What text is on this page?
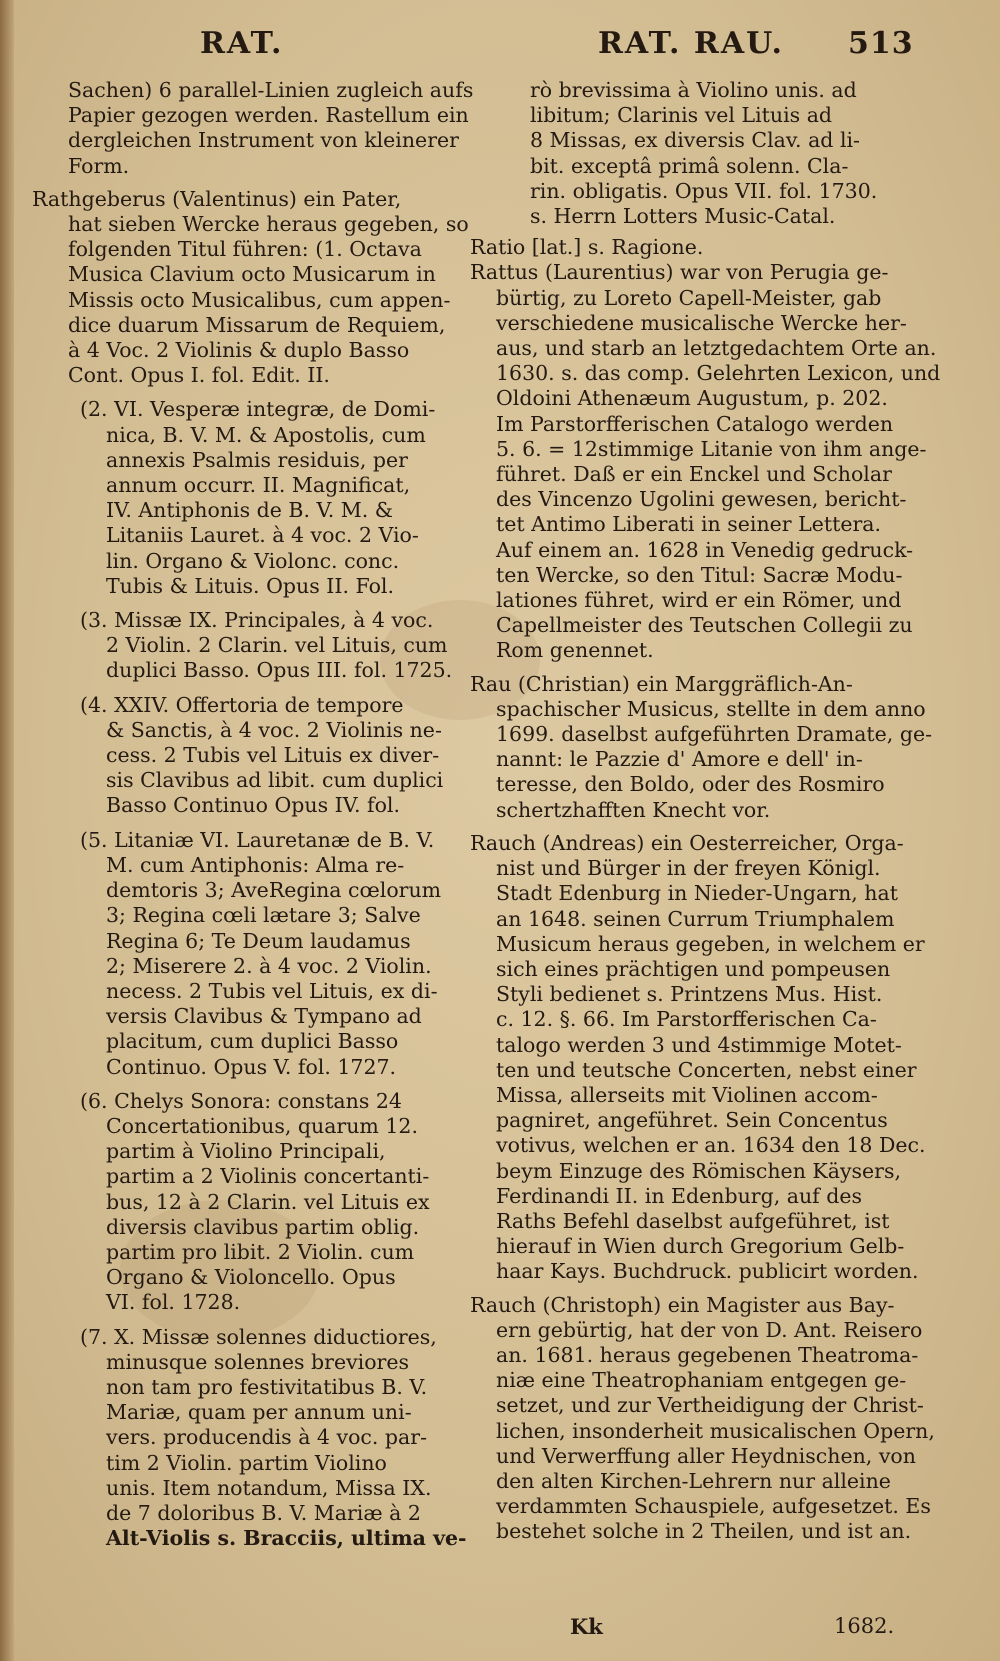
RAT.	RAT. RAU. 513

Sachen) 6 parallel-Linien zugleich aufs

Papier gezogen werden. Rastellum ein

dergleichen Instrument von kleinerer

Form.

Rathgeberus (Valentinus) ein Pater,

hat sieben Wercke heraus gegeben, so

folgenden Titul führen: (1. Octava

Musica Clavium octo Musicarum in

Missis octo Musicalibus, cum appen-

dice duarum Missarum de Requiem,

à 4 Voc. 2 Violinis & duplo Basso

Cont. Opus I. fol. Edit. II.

(2. VI. Vesperæ integræ, de Domi-

nica, B. V. M. & Apostolis, cum

annexis Psalmis residuis, per

annum occurr. II. Magnificat,

IV. Antiphonis de B. V. M. &

Litaniis Lauret. à 4 voc. 2 Vio-

lin. Organo & Violonc. conc.

Tubis & Lituis. Opus II. Fol.

(3. Missæ IX. Principales, à 4 voc.

2 Violin. 2 Clarin. vel Lituis, cum

duplici Basso. Opus III. fol. 1725.

(4. XXIV. Offertoria de tempore

& Sanctis, à 4 voc. 2 Violinis ne-

cess. 2 Tubis vel Lituis ex diver-

sis Clavibus ad libit. cum duplici

Basso Continuo Opus IV. fol.

(5. Litaniæ VI. Lauretanæ de B. V.

M. cum Antiphonis: Alma re-

demtoris 3; AveRegina cœlorum

3; Regina cœli lætare 3; Salve

Regina 6; Te Deum laudamus

2; Miserere 2. à 4 voc. 2 Violin.

necess. 2 Tubis vel Lituis, ex di-

versis Clavibus & Tympano ad

placitum, cum duplici Basso

Continuo. Opus V. fol. 1727.

(6. Chelys Sonora: constans 24

Concertationibus, quarum 12.

partim à Violino Principali,

partim a 2 Violinis concertanti-

bus, 12 à 2 Clarin. vel Lituis ex

diversis clavibus partim oblig.

partim pro libit. 2 Violin. cum

Organo & Violoncello. Opus

VI. fol. 1728.

(7. X. Missæ solennes diductiores,

minusque solennes breviores

non tam pro festivitatibus B. V.

Mariæ, quam per annum uni-

vers. producendis à 4 voc. par-

tim 2 Violin. partim Violino

unis. Item notandum, Missa IX.

de 7 doloribus B. V. Mariæ à 2

Alt-Violis s. Bracciis, ultima ve-

rò brevissima à Violino unis. ad

libitum; Clarinis vel Lituis ad

8 Missas, ex diversis Clav. ad li-

bit. exceptâ primâ solenn. Cla-

rin. obligatis. Opus VII. fol. 1730.

s. Herrn Lotters Music-Catal.

Ratio [lat.] s. Ragione.

Rattus (Laurentius) war von Perugia ge-

bürtig, zu Loreto Capell-Meister, gab

verschiedene musicalische Wercke her-

aus, und starb an letztgedachtem Orte an.

1630. s. das comp. Gelehrten Lexicon, und

Oldoini Athenæum Augustum, p. 202.

Im Parstorfferischen Catalogo werden

5. 6. = 12stimmige Litanie von ihm ange-

führet. Daß er ein Enckel und Scholar

des Vincenzo Ugolini gewesen, bericht-

tet Antimo Liberati in seiner Lettera.

Auf einem an. 1628 in Venedig gedruck-

ten Wercke, so den Titul: Sacræ Modu-

lationes führet, wird er ein Römer, und

Capellmeister des Teutschen Collegii zu

Rom genennet.

Rau (Christian) ein Marggräflich-An-

spachischer Musicus, stellte in dem anno

1699. daselbst aufgeführten Dramate, ge-

nannt: le Pazzie d' Amore e dell' in-

teresse, den Boldo, oder des Rosmiro

schertzhafften Knecht vor.

Rauch (Andreas) ein Oesterreicher, Orga-

nist und Bürger in der freyen Königl.

Stadt Edenburg in Nieder-Ungarn, hat

an 1648. seinen Currum Triumphalem

Musicum heraus gegeben, in welchem er

sich eines prächtigen und pompeusen

Styli bedienet s. Printzens Mus. Hist.

c. 12. §. 66. Im Parstorfferischen Ca-

talogo werden 3 und 4stimmige Motet-

ten und teutsche Concerten, nebst einer

Missa, allerseits mit Violinen accom-

pagniret, angeführet. Sein Concentus

votivus, welchen er an. 1634 den 18 Dec.

beym Einzuge des Römischen Käysers,

Ferdinandi II. in Edenburg, auf des

Raths Befehl daselbst aufgeführet, ist

hierauf in Wien durch Gregorium Gelb-

haar Kays. Buchdruck. publicirt worden.

Rauch (Christoph) ein Magister aus Bay-

ern gebürtig, hat der von D. Ant. Reisero

an. 1681. heraus gegebenen Theatroma-

niæ eine Theatrophaniam entgegen ge-

setzet, und zur Vertheidigung der Christ-

lichen, insonderheit musicalischen Opern,

und Verwerffung aller Heydnischen, von

den alten Kirchen-Lehrern nur alleine

verdammten Schauspiele, aufgesetzet. Es

bestehet solche in 2 Theilen, und ist an.

Kk	1682.
